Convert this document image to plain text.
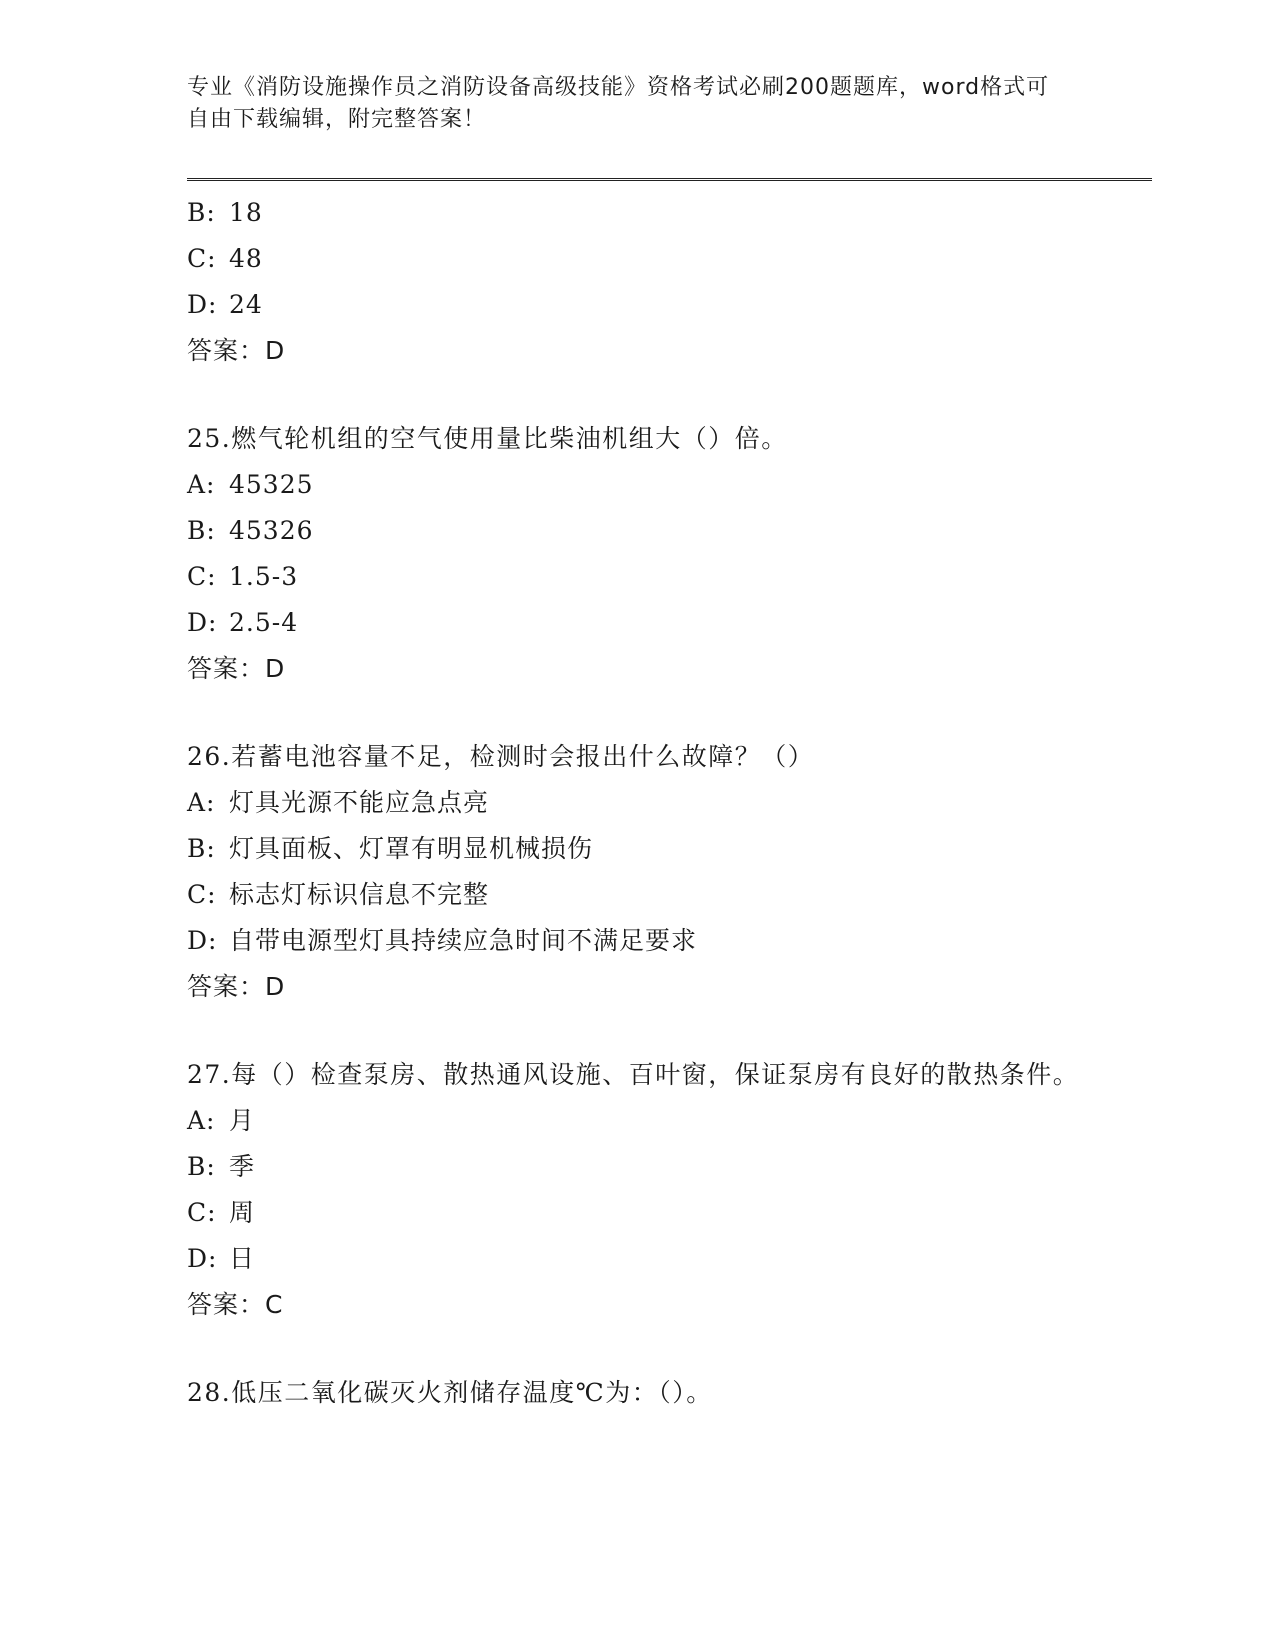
专业《消防设施操作员之消防设备高级技能》资格考试必刷200题题库，word格式可自由下载编辑，附完整答案！
B: 18
C: 48
D: 24
答案：D
25.燃气轮机组的空气使用量比柴油机组大（）倍。
A: 45325
B: 45326
C: 1.5-3
D: 2.5-4
答案：D
26.若蓄电池容量不足，检测时会报出什么故障？（）
A: 灯具光源不能应急点亮
B: 灯具面板、灯罩有明显机械损伤
C: 标志灯标识信息不完整
D: 自带电源型灯具持续应急时间不满足要求
答案：D
27.每（）检查泵房、散热通风设施、百叶窗，保证泵房有良好的散热条件。
A: 月
B: 季
C: 周
D: 日
答案：C
28.低压二氧化碳灭火剂储存温度℃为：（）。
